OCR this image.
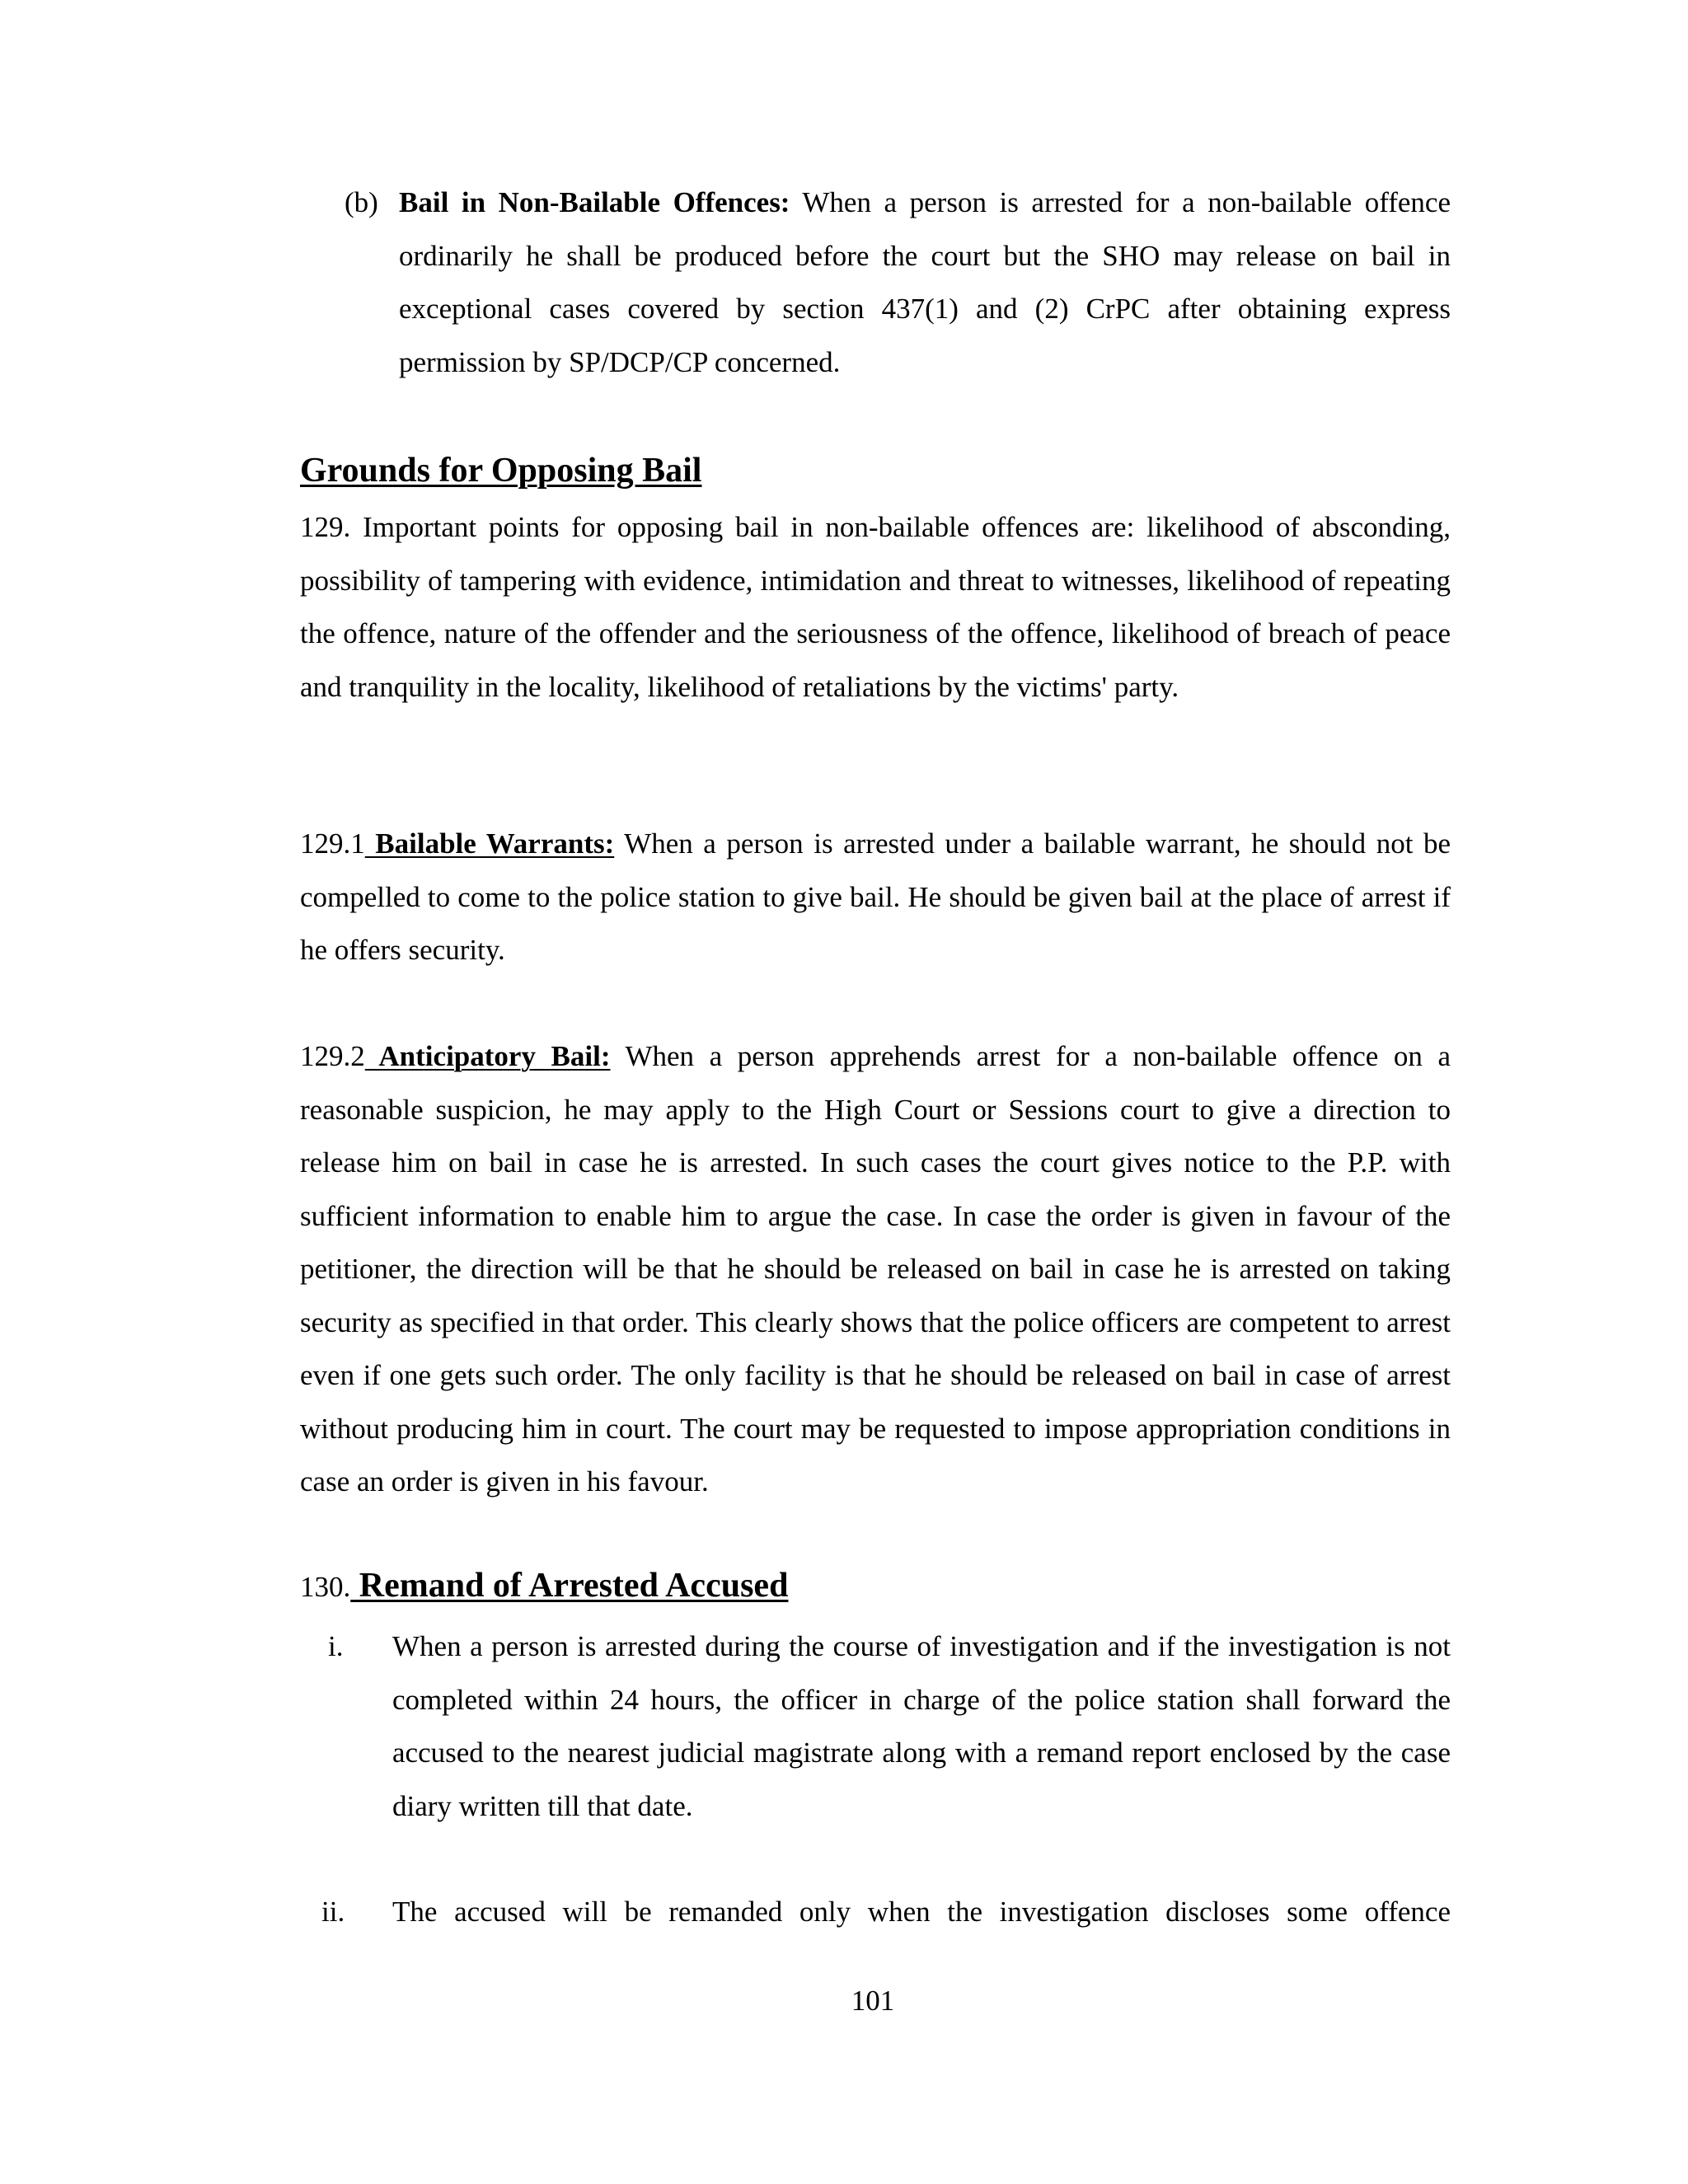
(b) Bail in Non-Bailable Offences: When a person is arrested for a non-bailable offence ordinarily he shall be produced before the court but the SHO may release on bail in exceptional cases covered by section 437(1) and (2) CrPC after obtaining express permission by SP/DCP/CP concerned.
Grounds for Opposing Bail
129. Important points for opposing bail in non-bailable offences are: likelihood of absconding, possibility of tampering with evidence, intimidation and threat to witnesses, likelihood of repeating the offence, nature of the offender and the seriousness of the offence, likelihood of breach of peace and tranquility in the locality, likelihood of retaliations by the victims' party.
129.1 Bailable Warrants: When a person is arrested under a bailable warrant, he should not be compelled to come to the police station to give bail. He should be given bail at the place of arrest if he offers security.
129.2 Anticipatory Bail: When a person apprehends arrest for a non-bailable offence on a reasonable suspicion, he may apply to the High Court or Sessions court to give a direction to release him on bail in case he is arrested. In such cases the court gives notice to the P.P. with sufficient information to enable him to argue the case. In case the order is given in favour of the petitioner, the direction will be that he should be released on bail in case he is arrested on taking security as specified in that order. This clearly shows that the police officers are competent to arrest even if one gets such order. The only facility is that he should be released on bail in case of arrest without producing him in court. The court may be requested to impose appropriation conditions in case an order is given in his favour.
130. Remand of Arrested Accused
i. When a person is arrested during the course of investigation and if the investigation is not completed within 24 hours, the officer in charge of the police station shall forward the accused to the nearest judicial magistrate along with a remand report enclosed by the case diary written till that date.
ii. The accused will be remanded only when the investigation discloses some offence
101
